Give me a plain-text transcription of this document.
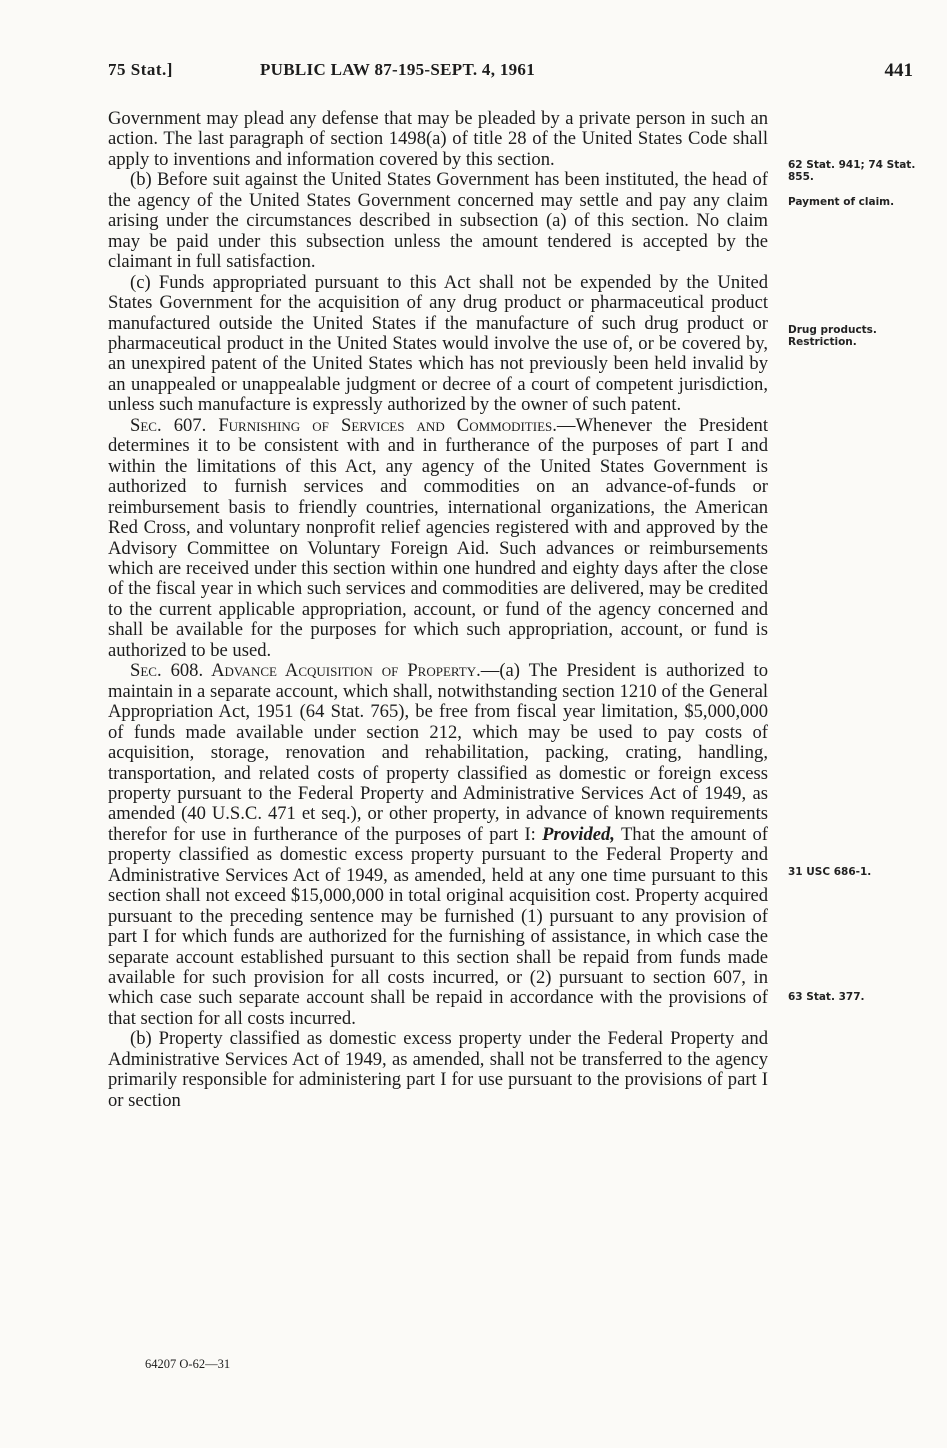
75 Stat.]	PUBLIC LAW 87-195-SEPT. 4, 1961	441
62 Stat. 941; 74 Stat. 855.
Payment of claim.
Drug products. Restriction.
31 USC 686-1.
63 Stat. 377.

Government may plead any defense that may be pleaded by a private person in such an action. The last paragraph of section 1498(a) of title 28 of the United States Code shall apply to inventions and information covered by this section.

(b) Before suit against the United States Government has been instituted, the head of the agency of the United States Government concerned may settle and pay any claim arising under the circumstances described in subsection (a) of this section. No claim may be paid under this subsection unless the amount tendered is accepted by the claimant in full satisfaction.

(c) Funds appropriated pursuant to this Act shall not be expended by the United States Government for the acquisition of any drug product or pharmaceutical product manufactured outside the United States if the manufacture of such drug product or pharmaceutical product in the United States would involve the use of, or be covered by, an unexpired patent of the United States which has not previously been held invalid by an unappealed or unappealable judgment or decree of a court of competent jurisdiction, unless such manufacture is expressly authorized by the owner of such patent.

Sec. 607. Furnishing of Services and Commodities.—Whenever the President determines it to be consistent with and in furtherance of the purposes of part I and within the limitations of this Act, any agency of the United States Government is authorized to furnish services and commodities on an advance-of-funds or reimbursement basis to friendly countries, international organizations, the American Red Cross, and voluntary nonprofit relief agencies registered with and approved by the Advisory Committee on Voluntary Foreign Aid. Such advances or reimbursements which are received under this section within one hundred and eighty days after the close of the fiscal year in which such services and commodities are delivered, may be credited to the current applicable appropriation, account, or fund of the agency concerned and shall be available for the purposes for which such appropriation, account, or fund is authorized to be used.

Sec. 608. Advance Acquisition of Property.—(a) The President is authorized to maintain in a separate account, which shall, notwithstanding section 1210 of the General Appropriation Act, 1951 (64 Stat. 765), be free from fiscal year limitation, $5,000,000 of funds made available under section 212, which may be used to pay costs of acquisition, storage, renovation and rehabilitation, packing, crating, handling, transportation, and related costs of property classified as domestic or foreign excess property pursuant to the Federal Property and Administrative Services Act of 1949, as amended (40 U.S.C. 471 et seq.), or other property, in advance of known requirements therefor for use in furtherance of the purposes of part I: Provided, That the amount of property classified as domestic excess property pursuant to the Federal Property and Administrative Services Act of 1949, as amended, held at any one time pursuant to this section shall not exceed $15,000,000 in total original acquisition cost. Property acquired pursuant to the preceding sentence may be furnished (1) pursuant to any provision of part I for which funds are authorized for the furnishing of assistance, in which case the separate account established pursuant to this section shall be repaid from funds made available for such provision for all costs incurred, or (2) pursuant to section 607, in which case such separate account shall be repaid in accordance with the provisions of that section for all costs incurred.

(b) Property classified as domestic excess property under the Federal Property and Administrative Services Act of 1949, as amended, shall not be transferred to the agency primarily responsible for administering part I for use pursuant to the provisions of part I or section

64207 O-62—31
